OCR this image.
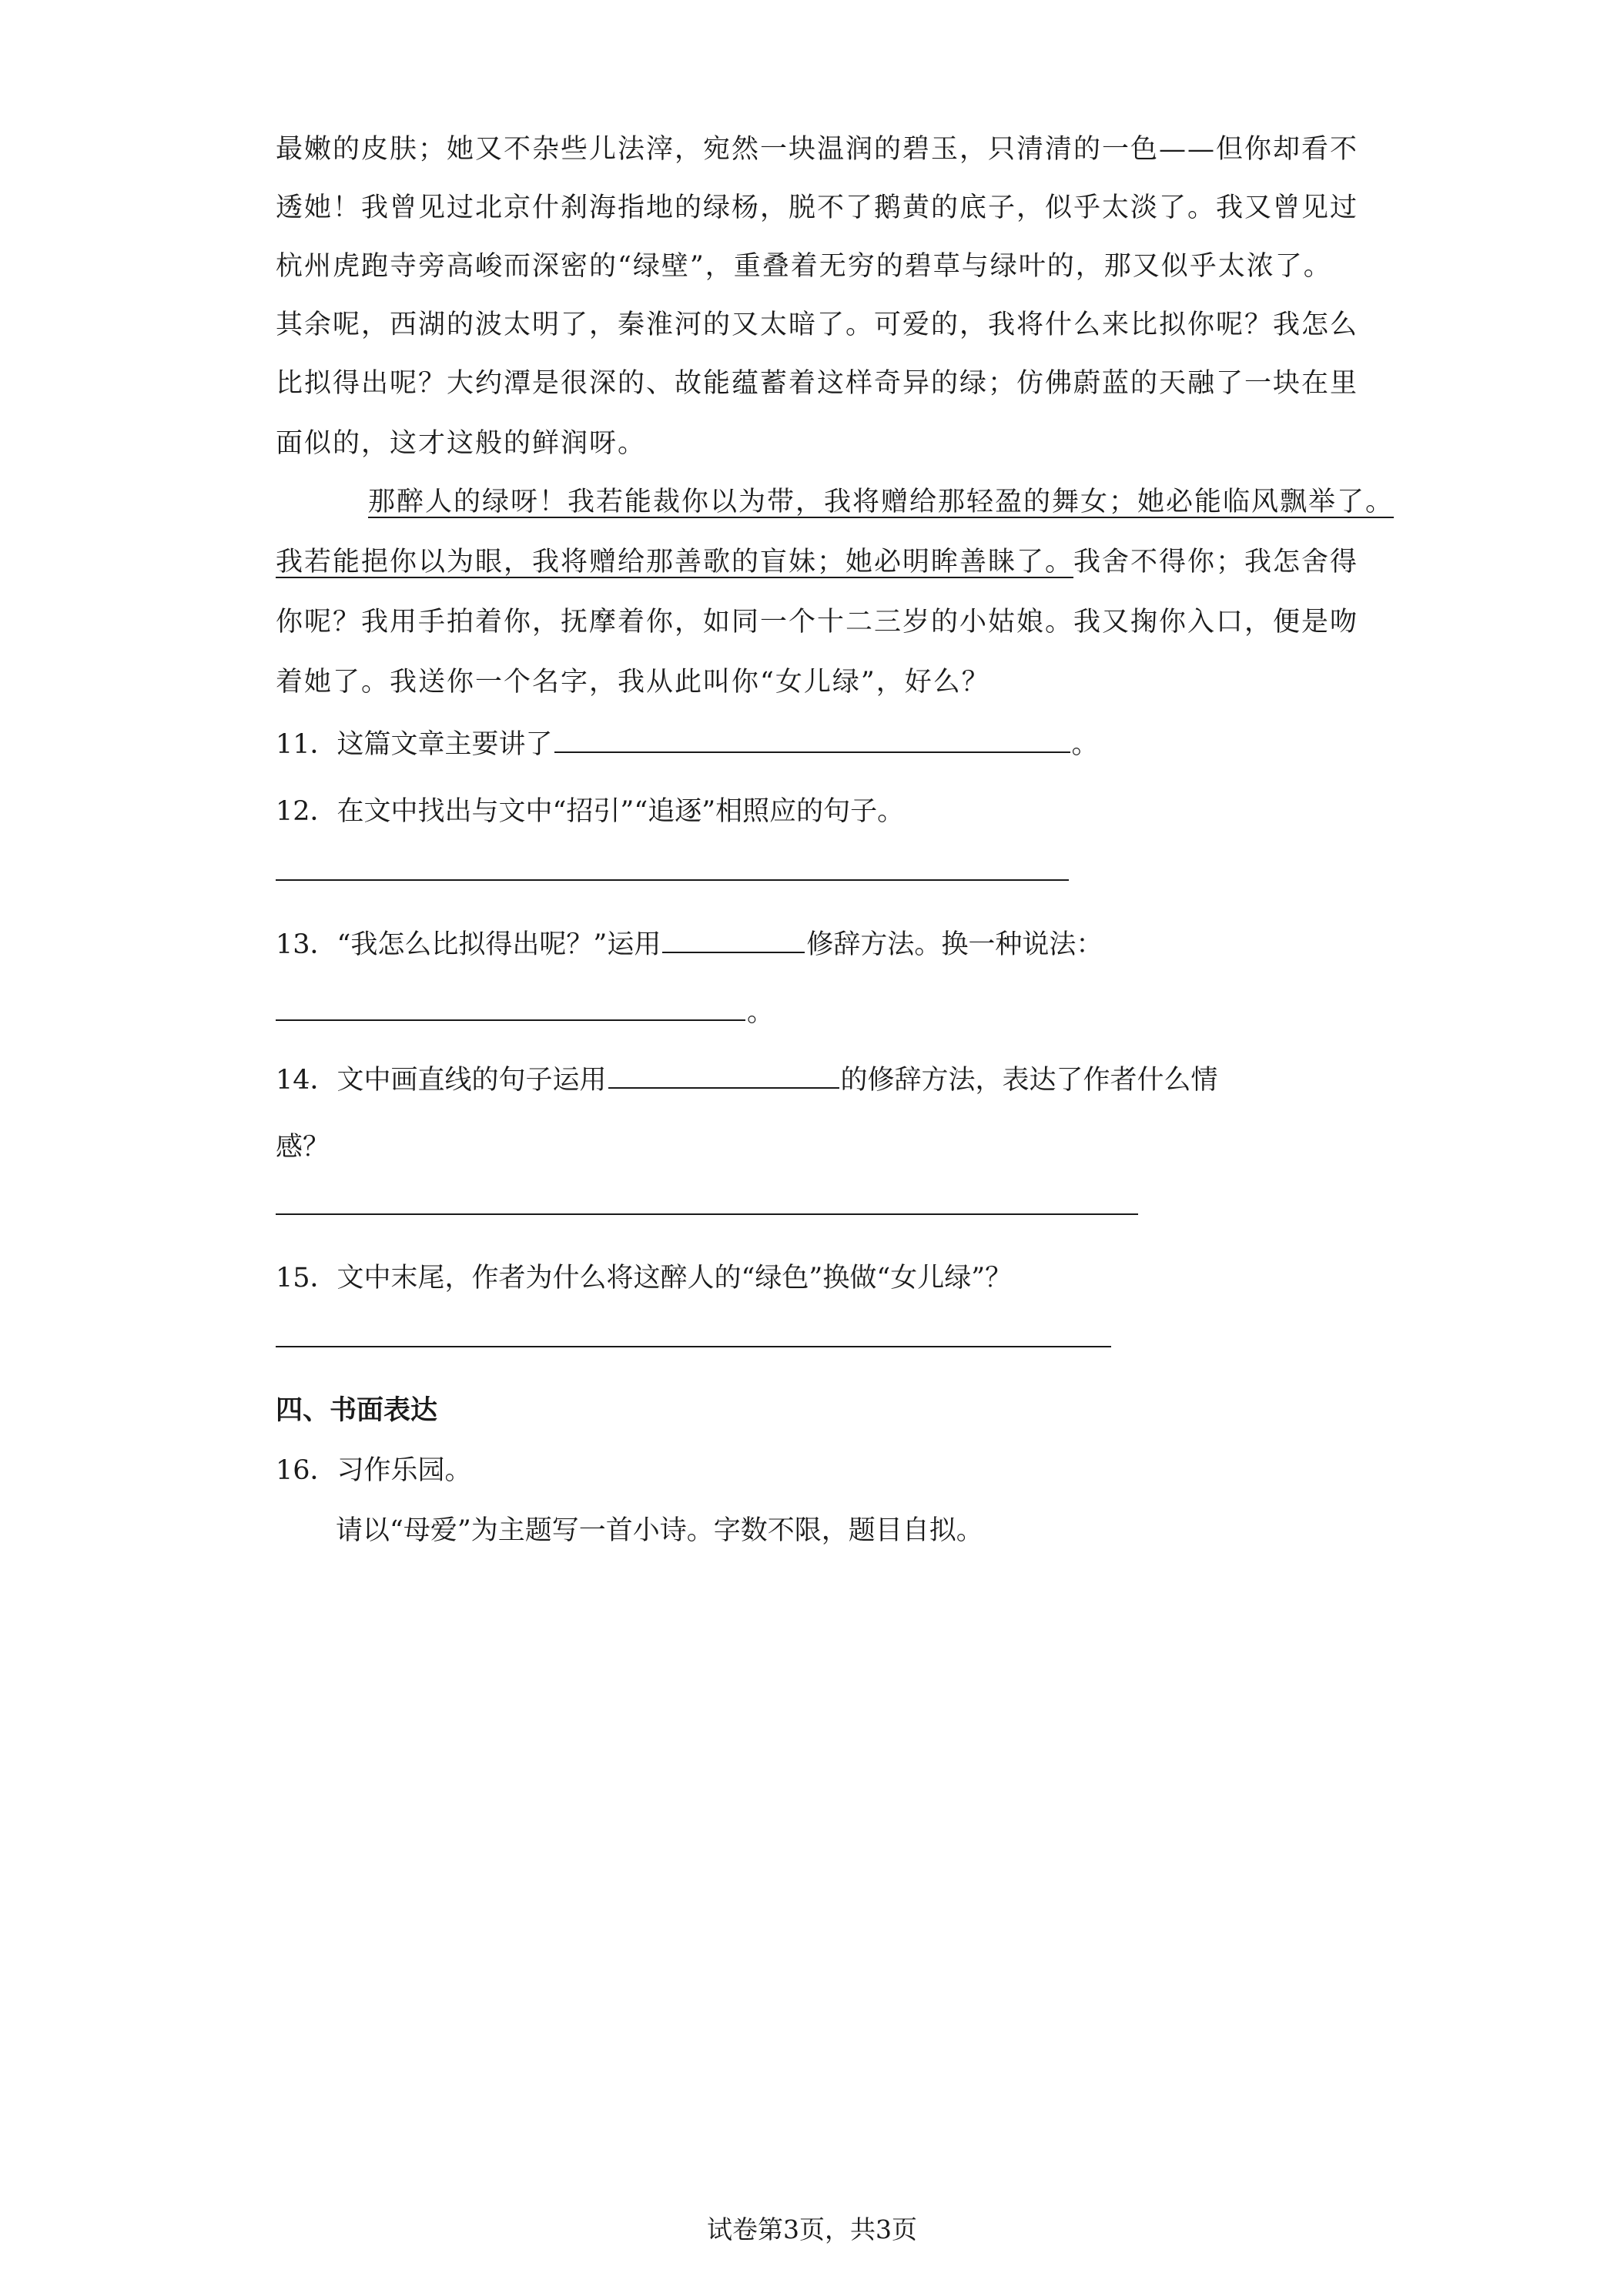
最嫩的皮肤；她又不杂些儿法滓，宛然一块温润的碧玉，只清清的一色——但你却看不
透她！我曾见过北京什刹海指地的绿杨，脱不了鹅黄的底子，似乎太淡了。我又曾见过
杭州虎跑寺旁高峻而深密的“绿壁”，重叠着无穷的碧草与绿叶的，那又似乎太浓了。
其余呢，西湖的波太明了，秦淮河的又太暗了。可爱的，我将什么来比拟你呢？我怎么
比拟得出呢？大约潭是很深的、故能蕴蓄着这样奇异的绿；仿佛蔚蓝的天融了一块在里
面似的，这才这般的鲜润呀。
那醉人的绿呀！我若能裁你以为带，我将赠给那轻盈的舞女；她必能临风飘举了。
我若能挹你以为眼，我将赠给那善歌的盲妹；她必明眸善睐了。我舍不得你；我怎舍得
你呢？我用手拍着你，抚摩着你，如同一个十二三岁的小姑娘。我又掬你入口，便是吻
着她了。我送你一个名字，我从此叫你“女儿绿”，好么？
11．这篇文章主要讲了	。
12．在文中找出与文中“招引”“追逐”相照应的句子。
13．“我怎么比拟得出呢？”运用	修辞方法。换一种说法：
。
14．文中画直线的句子运用	的修辞方法，表达了作者什么情
感？
15．文中末尾，作者为什么将这醉人的“绿色”换做“女儿绿”？
四、书面表达
16．习作乐园。
请以“母爱”为主题写一首小诗。字数不限，题目自拟。
试卷第3页，共3页
